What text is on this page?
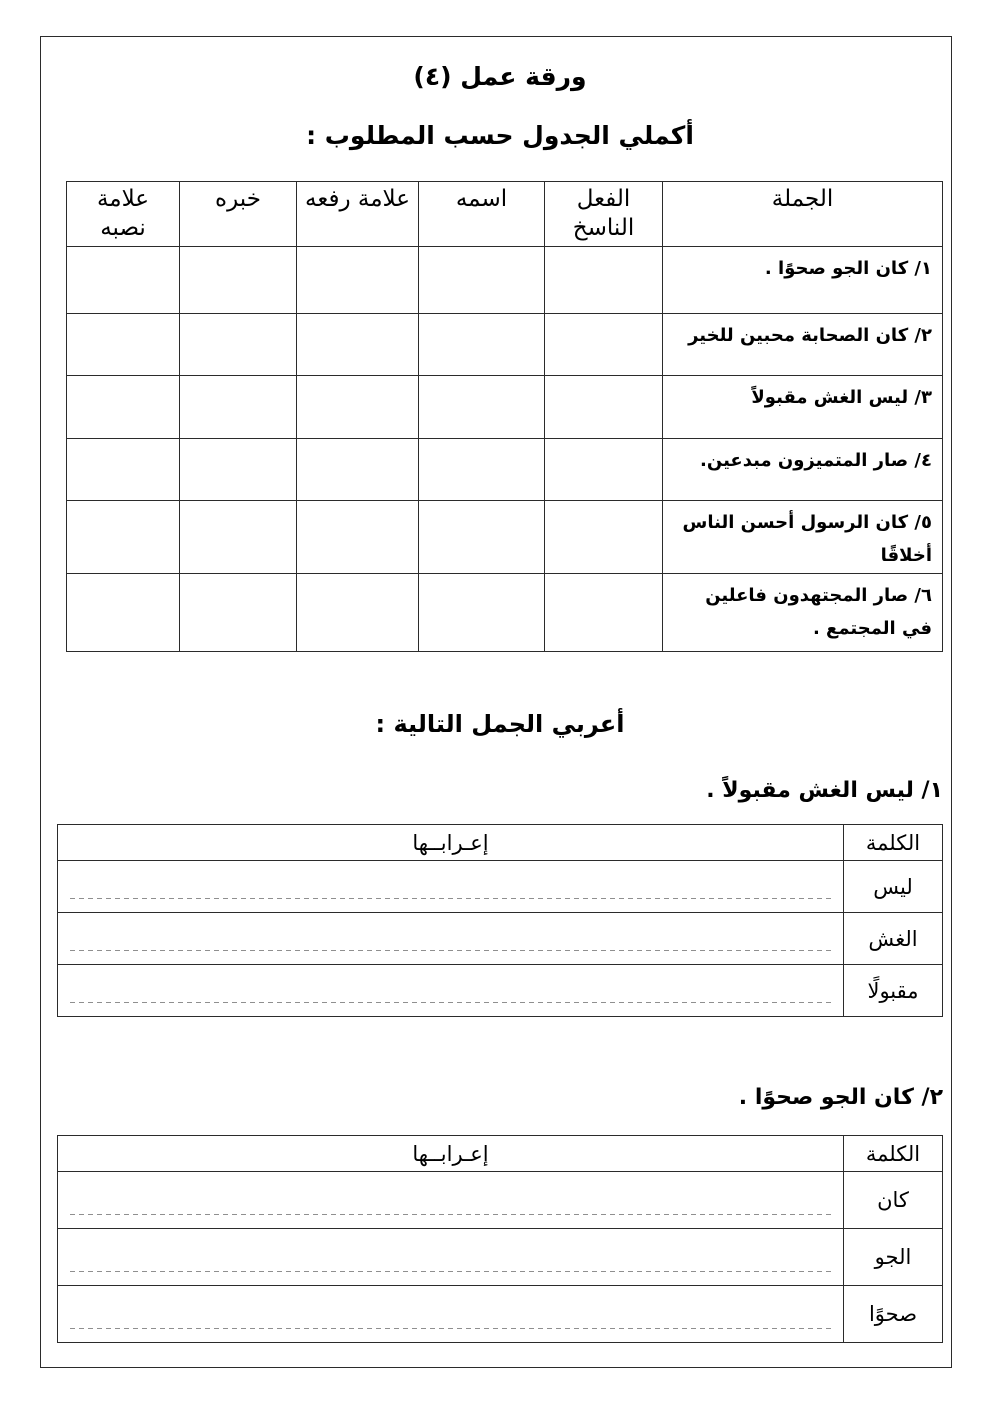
ورقة عمل (٤)
أكملي الجدول حسب المطلوب :
الجملة	الفعل الناسخ	اسمه	علامة رفعه	خبره	علامة نصبه
١/ كان الجو صحوًا .					
٢/ كان الصحابة محبين للخير					
٣/ ليس الغش مقبولاً					
٤/ صار المتميزون مبدعين.					
٥/ كان الرسول أحسن الناس أخلاقًا					
٦/ صار المجتهدون فاعلين في المجتمع .					
أعربي الجمل التالية :
١/ ليس الغش مقبولاً .
الكلمة	إعـرابــها
ليس	

الغش	

مقبولًا	
٢/ كان الجو صحوًا .
الكلمة	إعـرابــها
كان	

الجو	

صحوًا	
